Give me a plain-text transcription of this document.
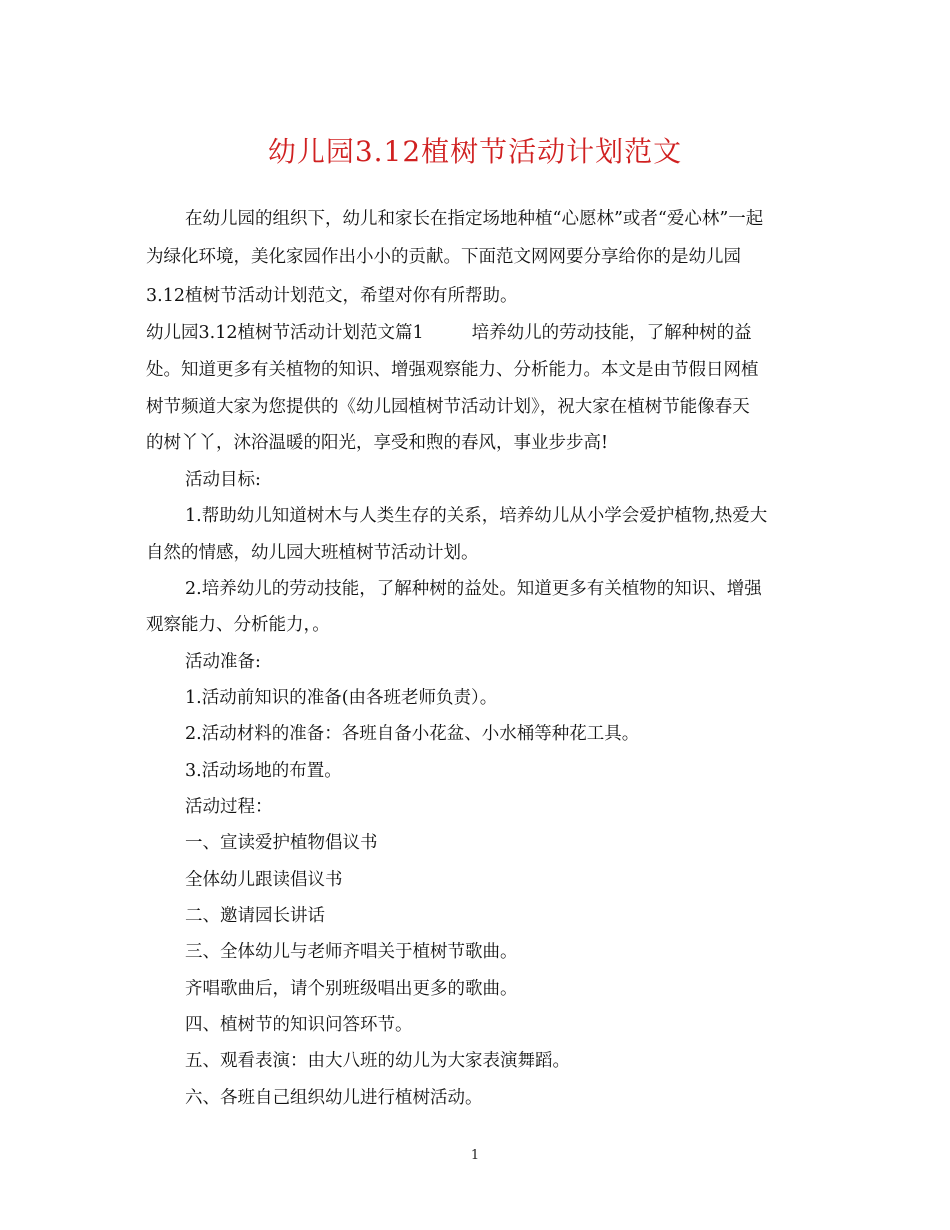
幼儿园3.12植树节活动计划范文
在幼儿园的组织下，幼儿和家长在指定场地种植“心愿林”或者“爱心林”一起
为绿化环境，美化家园作出小小的贡献。下面范文网网要分享给你的是幼儿园
3.12植树节活动计划范文，希望对你有所帮助。
幼儿园3.12植树节活动计划范文篇1	培养幼儿的劳动技能，了解种树的益
处。知道更多有关植物的知识、增强观察能力、分析能力。本文是由节假日网植
树节频道大家为您提供的《幼儿园植树节活动计划》，祝大家在植树节能像春天
的树丫丫，沐浴温暖的阳光，享受和煦的春风，事业步步高!
活动目标:
1.帮助幼儿知道树木与人类生存的关系，培养幼儿从小学会爱护植物,热爱大
自然的情感，幼儿园大班植树节活动计划。
2.培养幼儿的劳动技能，了解种树的益处。知道更多有关植物的知识、增强
观察能力、分析能力，。
活动准备:
1.活动前知识的准备(由各班老师负责）。
2.活动材料的准备：各班自备小花盆、小水桶等种花工具。
3.活动场地的布置。
活动过程：
一、宣读爱护植物倡议书
全体幼儿跟读倡议书
二、邀请园长讲话
三、全体幼儿与老师齐唱关于植树节歌曲。
齐唱歌曲后，请个别班级唱出更多的歌曲。
四、植树节的知识问答环节。
五、观看表演：由大八班的幼儿为大家表演舞蹈。
六、各班自己组织幼儿进行植树活动。
1
